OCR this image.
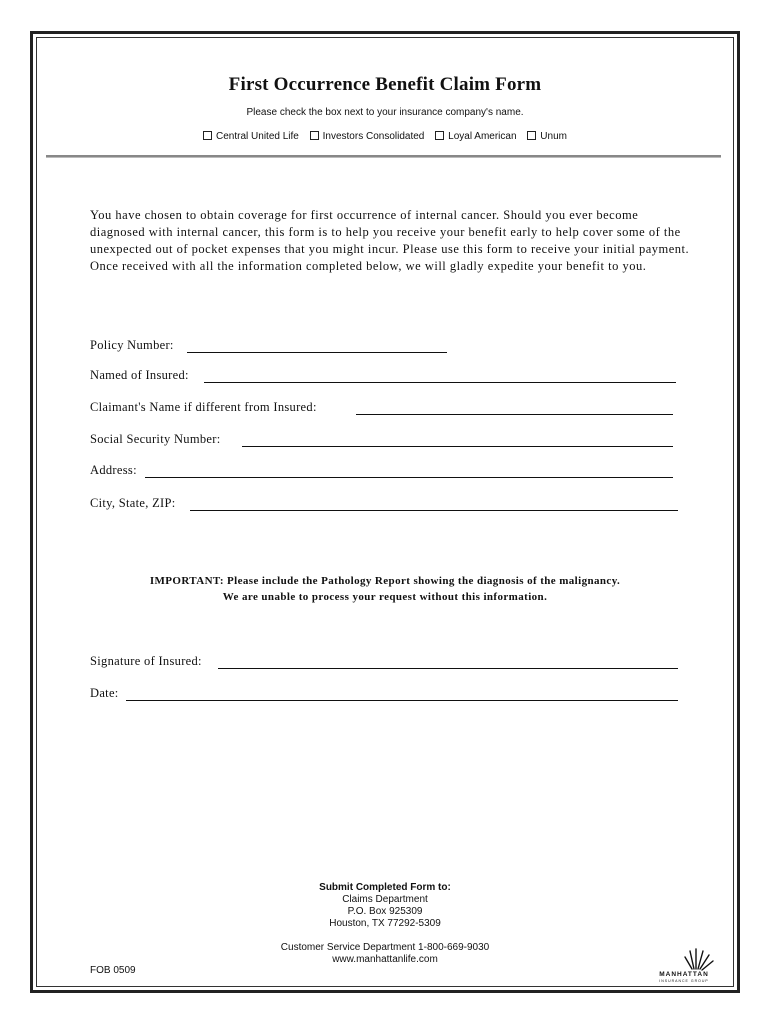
First Occurrence Benefit Claim Form
Please check the box next to your insurance company's name.
Central United Life Investors Consolidated Loyal American Unum
You have chosen to obtain coverage for first occurrence of internal cancer. Should you ever become diagnosed with internal cancer, this form is to help you receive your benefit early to help cover some of the unexpected out of pocket expenses that you might incur. Please use this form to receive your initial payment. Once received with all the information completed below, we will gladly expedite your benefit to you.
Policy Number:
Named of Insured:
Claimant's Name if different from Insured:
Social Security Number:
Address:
City, State, ZIP:
IMPORTANT: Please include the Pathology Report showing the diagnosis of the malignancy.
We are unable to process your request without this information.
Signature of Insured:
Date:
Submit Completed Form to:
Claims Department
P.O. Box 925309
Houston, TX 77292-5309
Customer Service Department 1-800-669-9030
www.manhattanlife.com
FOB 0509	MANHATTAN
INSURANCE GROUP
